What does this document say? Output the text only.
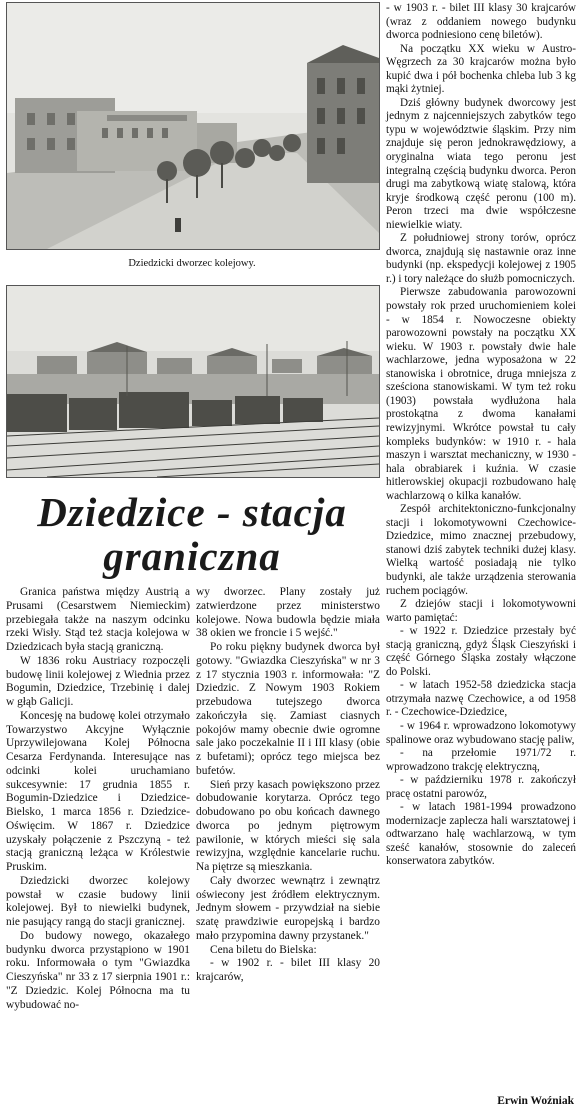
Dziedzicki dworzec kolejowy.
Dziedzice - stacja
graniczna

Granica państwa między Austrią a Prusami (Cesarstwem Niemieckim) przebiegała także na naszym odcinku rzeki Wisły. Stąd też stacja kolejowa w Dziedzicach była stacją graniczną.

W 1836 roku Austriacy rozpoczęli budowę linii kolejowej z Wiednia przez Bogumin, Dziedzice, Trzebinię i dalej w głąb Galicji.

Koncesję na budowę kolei otrzymało Towarzystwo Akcyjne Wyłącznie Uprzywilejowana Kolej Północna Cesarza Ferdynanda. Interesujące nas odcinki kolei uruchamiano sukcesywnie: 17 grudnia 1855 r. Bogumin-Dziedzice i Dziedzice-Bielsko, 1 marca 1856 r. Dziedzice-Oświęcim. W 1867 r. Dziedzice uzyskały połączenie z Pszczyną - też stacją graniczną leżąca w Królestwie Pruskim.

Dziedzicki dworzec kolejowy powstał w czasie budowy linii kolejowej. Był to niewielki budynek, nie pasujący rangą do stacji granicznej.

Do budowy nowego, okazałego budynku dworca przystąpiono w 1901 roku. Informowała o tym "Gwiazdka Cieszyńska" nr 33 z 17 sierpnia 1901 r.: "Z Dziedzic. Kolej Północna ma tu wybudować no-

wy dworzec. Plany zostały już zatwierdzone przez ministerstwo kolejowe. Nowa budowla będzie miała 38 okien we froncie i 5 wejść."

Po roku piękny budynek dworca był gotowy. "Gwiazdka Cieszyńska" w nr 3 z 17 stycznia 1903 r. informowała: "Z Dziedzic. Z Nowym 1903 Rokiem przebudowa tutejszego dworca zakończyła się. Zamiast ciasnych pokojów mamy obecnie dwie ogromne sale jako poczekalnie II i III klasy (obie z bufetami); oprócz tego miejsca bez bufetów.

Sień przy kasach powiększono przez dobudowanie korytarza. Oprócz tego dobudowano po obu końcach dawnego dworca po jednym piętrowym pawilonie, w których mieści się sala rewizyjna, względnie kancelarie ruchu. Na piętrze są mieszkania.

Cały dworzec wewnątrz i zewnątrz oświecony jest źródłem elektrycznym. Jednym słowem - przywdział na siebie szatę prawdziwie europejską i bardzo mało przypomina dawny przystanek."

Cena biletu do Bielska:

- w 1902 r. - bilet III klasy 20 krajcarów,

- w 1903 r. - bilet III klasy 30 krajcarów (wraz z oddaniem nowego budynku dworca podniesiono cenę biletów).

Na początku XX wieku w Austro-Węgrzech za 30 krajcarów można było kupić dwa i pół bochenka chleba lub 3 kg mąki żytniej.

Dziś główny budynek dworcowy jest jednym z najcenniejszych zabytków tego typu w województwie śląskim. Przy nim znajduje się peron jednokrawędziowy, a oryginalna wiata tego peronu jest integralną częścią budynku dworca. Peron drugi ma zabytkową wiatę stalową, która kryje środkową część peronu (100 m). Peron trzeci ma dwie współczesne niewielkie wiaty.

Z południowej strony torów, oprócz dworca, znajdują się nastawnie oraz inne budynki (np. ekspedycji kolejowej z 1905 r.) i tory należące do służb pomocniczych.

Pierwsze zabudowania parowozowni powstały rok przed uruchomieniem kolei - w 1854 r. Nowoczesne obiekty parowozowni powstały na początku XX wieku. W 1903 r. powstały dwie hale wachlarzowe, jedna wyposażona w 22 stanowiska i obrotnice, druga mniejsza z sześciona stanowiskami. W tym też roku (1903) powstała wydłużona hala prostokątna z dwoma kanałami rewizyjnymi. Wkrótce powstał tu cały kompleks budynków: w 1910 r. - hala maszyn i warsztat mechaniczny, w 1930 - hala obrabiarek i kuźnia. W czasie hitlerowskiej okupacji rozbudowano halę wachlarzową o kilka kanałów.

Zespół architektoniczno-funkcjonalny stacji i lokomotywowni Czechowice-Dziedzice, mimo znacznej przebudowy, stanowi dziś zabytek techniki dużej klasy. Wielką wartość posiadają nie tylko budynki, ale także urządzenia sterowania ruchem pociągów.

Z dziejów stacji i lokomotywowni warto pamiętać:

- w 1922 r. Dziedzice przestały być stacją graniczną, gdyż Śląsk Cieszyński i część Górnego Śląska zostały włączone do Polski.

- w latach 1952-58 dziedzicka stacja otrzymała nazwę Czechowice, a od 1958 r. - Czechowice-Dziedzice,

- w 1964 r. wprowadzono lokomotywy spalinowe oraz wybudowano stację paliw,

- na przełomie 1971/72 r. wprowadzono trakcję elektryczną,

- w październiku 1978 r. zakończył pracę ostatni parowóz,

- w latach 1981-1994 prowadzono modernizacje zaplecza hali warsztatowej i odtwarzano halę wachlarzową, w tym sześć kanałów, stosownie do zaleceń konserwatora zabytków.

Erwin Woźniak
